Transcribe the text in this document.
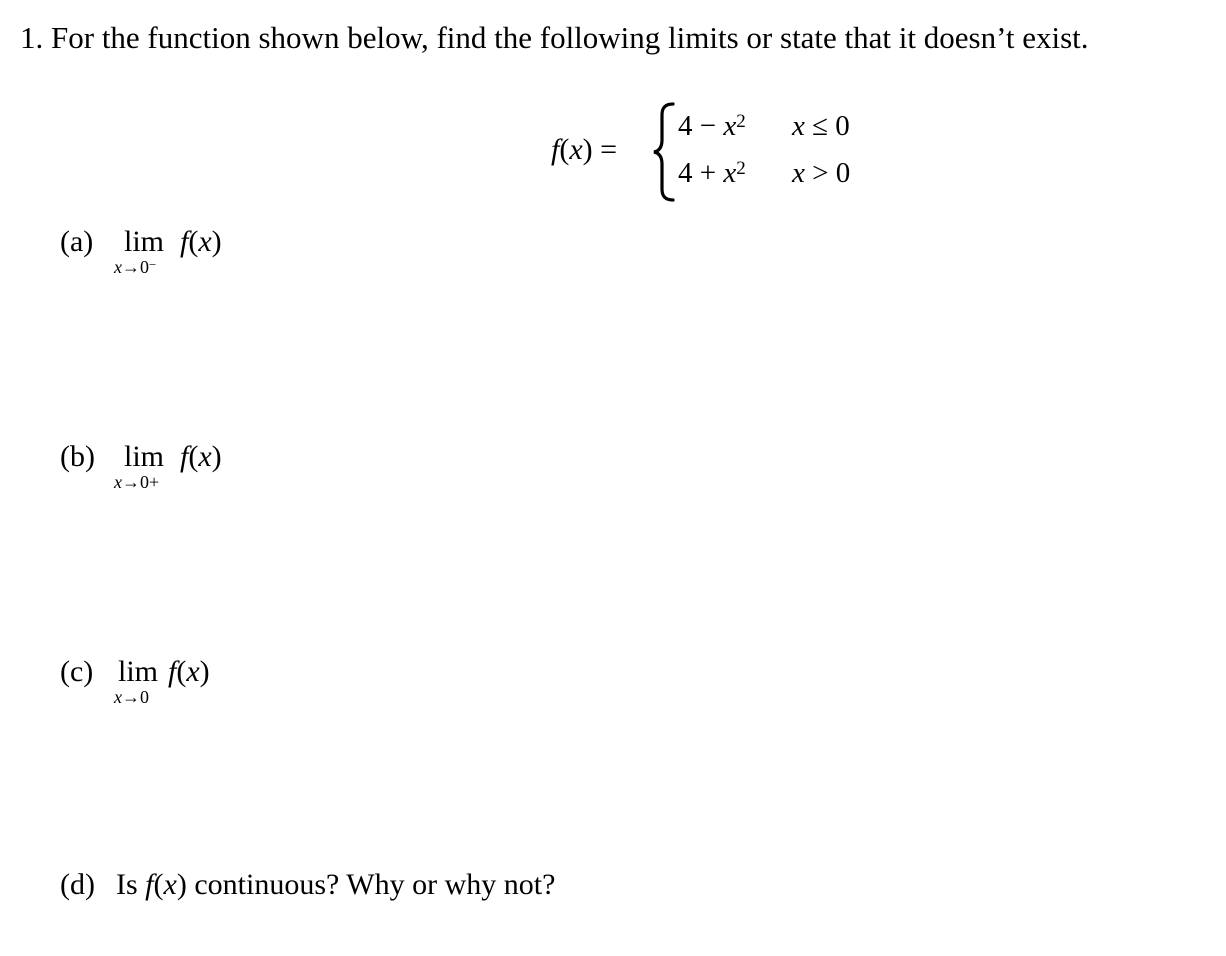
1. For the function shown below, find the following limits or state that it doesn’t exist.
f(x) =
$4 - x^2$ x ≤ 0
$4 + x^2$ x > 0
(a) lim
x→0−
f(x)
(b) lim
x→0+
f(x)
(c) lim
x→0
f(x)
(d) Is f(x) continuous? Why or why not?
